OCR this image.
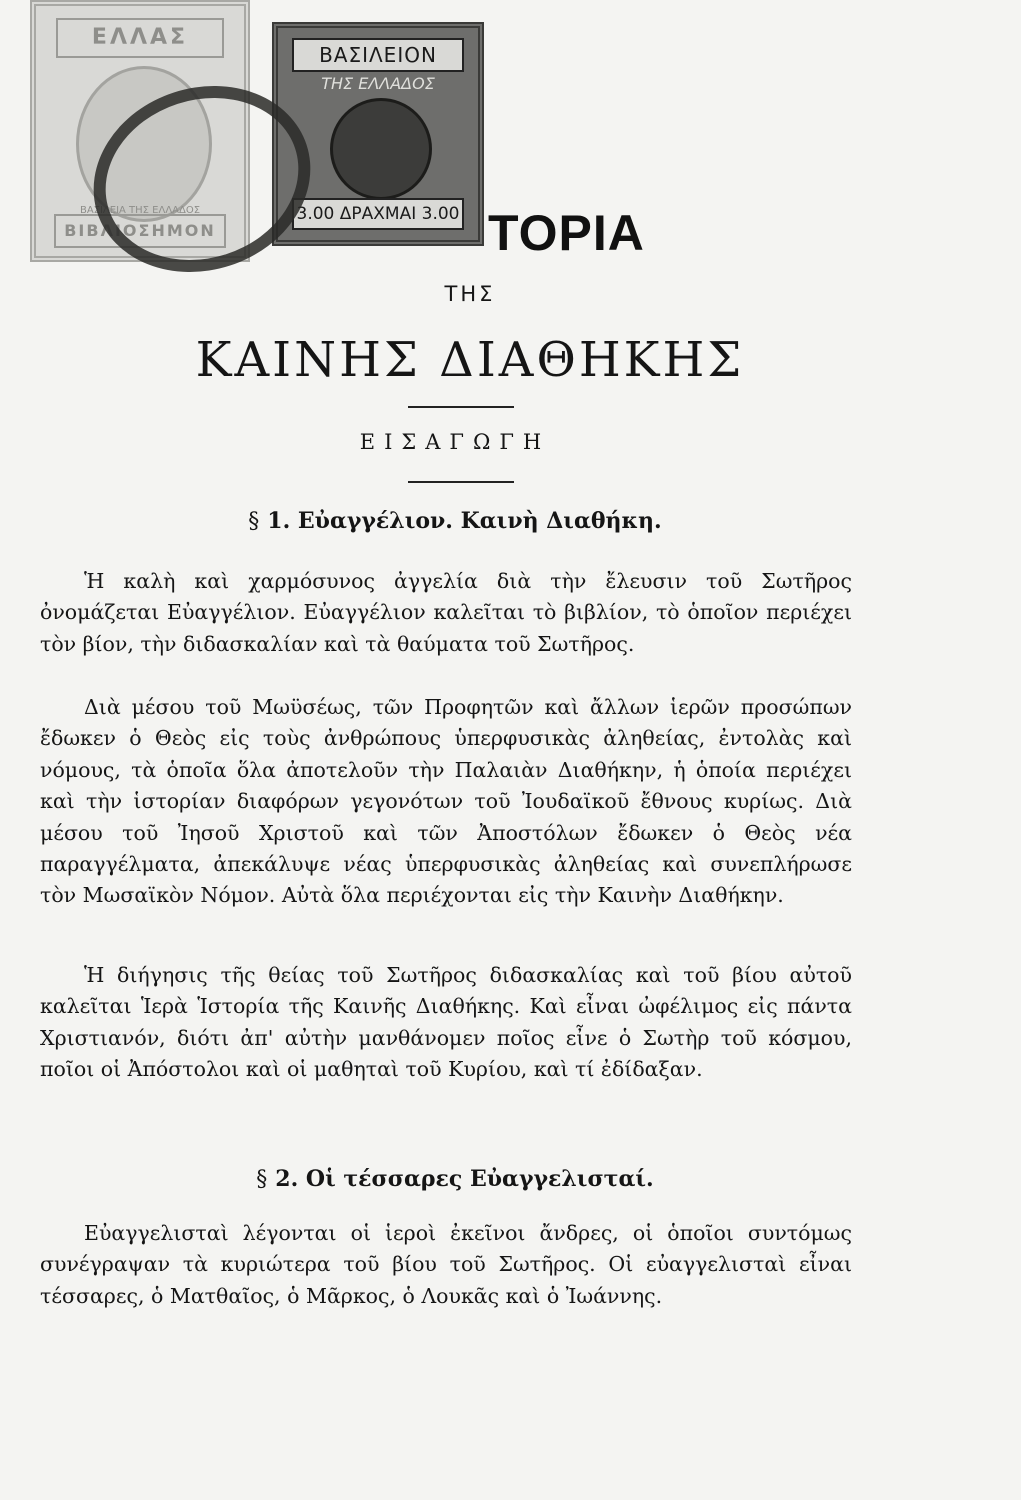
ΕΛΛΑΣ
ΒΑΣΙΛΕΙΑ ΤΗΣ ΕΛΛΑΔΟΣ
ΒΙΒΛΙΟΣΗΜΟΝ
ΒΑΣΙΛΕΙΟΝ
ΤΗΣ ΕΛΛΑΔΟΣ
3.00 ΔΡΑΧΜΑΙ 3.00 ΤΟΡΙΑ
ΤΗΣ
ΚΑΙΝΗΣ ΔΙΑΘΗΚΗΣ
ΕΙΣΑΓΩΓΗ
§ 1. Εὐαγγέλιον. Καινὴ Διαθήκη.

Ἡ καλὴ καὶ χαρμόσυνος ἀγγελία διὰ τὴν ἔλευσιν τοῦ Σωτῆρος ὀνομάζεται Εὐαγγέλιον. Εὐαγγέλιον καλεῖται τὸ βιβλίον, τὸ ὁποῖον περιέχει τὸν βίον, τὴν διδασκαλίαν καὶ τὰ θαύματα τοῦ Σωτῆρος.

Διὰ μέσου τοῦ Μωϋσέως, τῶν Προφητῶν καὶ ἄλλων ἱερῶν προσώπων ἔδωκεν ὁ Θεὸς εἰς τοὺς ἀνθρώπους ὑπερφυσικὰς ἀληθείας, ἐντολὰς καὶ νόμους, τὰ ὁποῖα ὅλα ἀποτελοῦν τὴν Παλαιὰν Διαθήκην, ἡ ὁποία περιέχει καὶ τὴν ἱστορίαν διαφόρων γεγονότων τοῦ Ἰουδαϊκοῦ ἔθνους κυρίως. Διὰ μέσου τοῦ Ἰησοῦ Χριστοῦ καὶ τῶν Ἀποστόλων ἔδωκεν ὁ Θεὸς νέα παραγγέλματα, ἀπεκάλυψε νέας ὑπερφυσικὰς ἀληθείας καὶ συνεπλήρωσε τὸν Μωσαϊκὸν Νόμον. Αὐτὰ ὅλα περιέχονται εἰς τὴν Καινὴν Διαθήκην.

Ἡ διήγησις τῆς θείας τοῦ Σωτῆρος διδασκαλίας καὶ τοῦ βίου αὐτοῦ καλεῖται Ἱερὰ Ἱστορία τῆς Καινῆς Διαθήκης. Καὶ εἶναι ὠφέλιμος εἰς πάντα Χριστιανόν, διότι ἀπ' αὐτὴν μανθάνομεν ποῖος εἶνε ὁ Σωτὴρ τοῦ κόσμου, ποῖοι οἱ Ἀπόστολοι καὶ οἱ μαθηταὶ τοῦ Κυρίου, καὶ τί ἐδίδαξαν.

§ 2. Οἱ τέσσαρες Εὐαγγελισταί.

Εὐαγγελισταὶ λέγονται οἱ ἱεροὶ ἐκεῖνοι ἄνδρες, οἱ ὁποῖοι συντόμως συνέγραψαν τὰ κυριώτερα τοῦ βίου τοῦ Σωτῆρος. Οἱ εὐαγγελισταὶ εἶναι τέσσαρες, ὁ Ματθαῖος, ὁ Μᾶρκος, ὁ Λουκᾶς καὶ ὁ Ἰωάννης.
